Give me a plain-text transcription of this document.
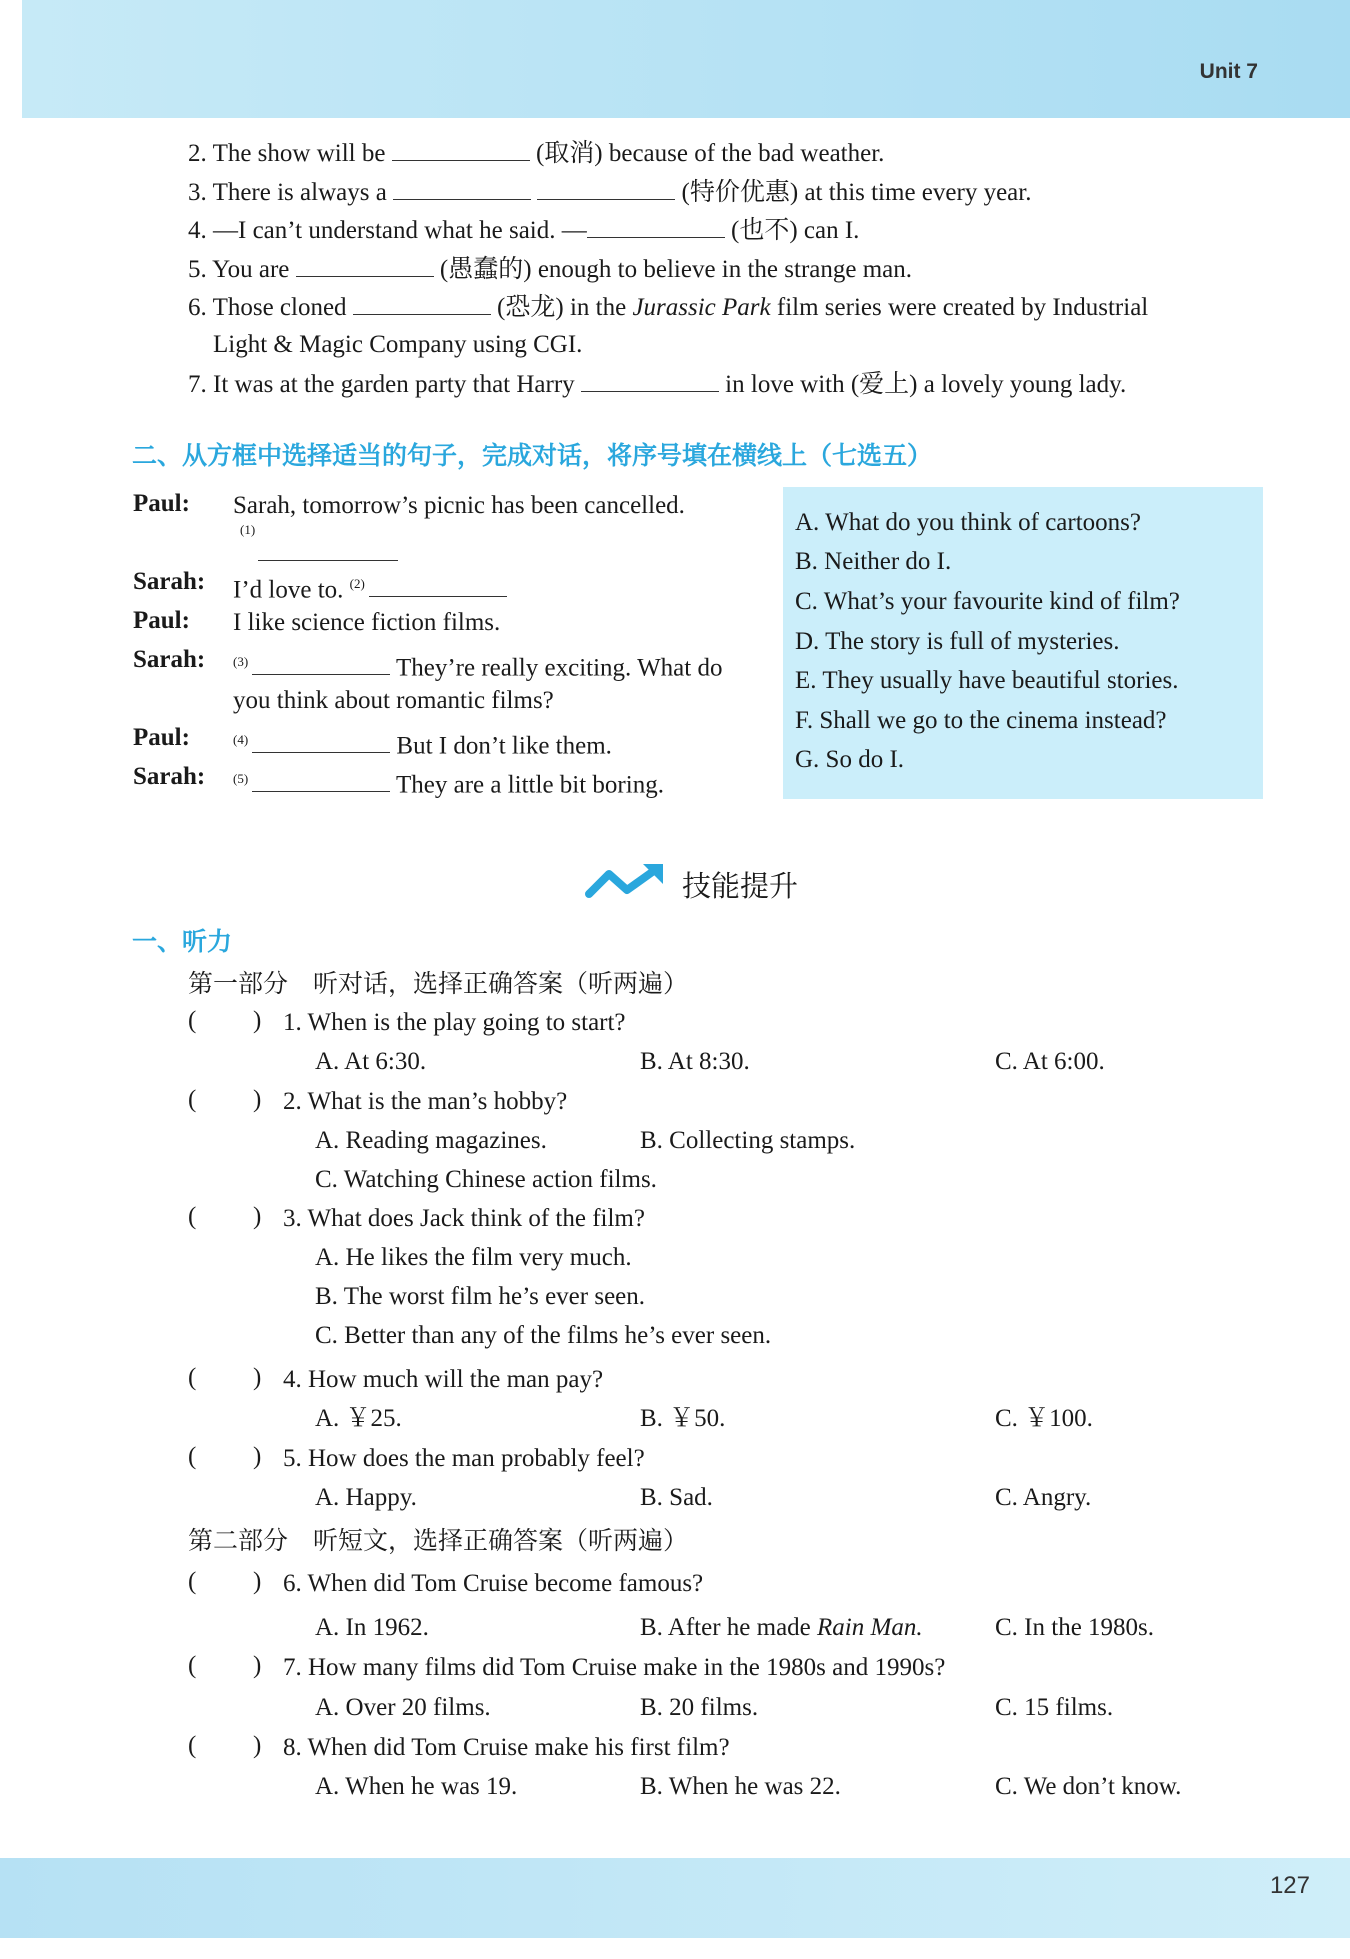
Unit 7
2. The show will be	(取消) because of the bad weather.
3. There is always a	(特价优惠) at this time every year.
4. —I can’t understand what he said. —	(也不) can I.
5. You are	(愚蠢的) enough to believe in the strange man.
6. Those cloned	(恐龙) in the Jurassic Park film series were created by Industrial
Light & Magic Company using CGI.
7. It was at the garden party that Harry	in love with (爱上) a lovely young lady.
二、从方框中选择适当的句子，完成对话，将序号填在横线上（七选五）
Paul: Sarah, tomorrow’s picnic has been cancelled.
(1)
Sarah: I’d love to. $^{(2)}$
Paul: I like science fiction films.
Sarah: $^{(3)}$	They’re really exciting. What do
you think about romantic films?
Paul:	$^{(4)}$	But I don’t like them.
Sarah: $^{(5)}$	They are a little bit boring.
A. What do you think of cartoons?
B. Neither do I.
C. What’s your favourite kind of film?
D. The story is full of mysteries.
E. They usually have beautiful stories.
F. Shall we go to the cinema instead?
G. So do I.
技能提升
一、听力
第一部分　听对话，选择正确答案（听两遍）
( ) 1. When is the play going to start?
A. At 6:30.	B. At 8:30.	C. At 6:00.
( ) 2. What is the man’s hobby?
A. Reading magazines.	B. Collecting stamps.
C. Watching Chinese action films.
( ) 3. What does Jack think of the film?
A. He likes the film very much.
B. The worst film he’s ever seen.
C. Better than any of the films he’s ever seen.
( ) 4. How much will the man pay?
A. ￥25.	B. ￥50.	C. ￥100.
( ) 5. How does the man probably feel?
A. Happy.	B. Sad.	C. Angry.
( ) 6. When did Tom Cruise become famous?
A. In 1962.	B. After he made Rain Man.	C. In the 1980s.
( ) 7. How many films did Tom Cruise make in the 1980s and 1990s?
A. Over 20 films.	B. 20 films.	C. 15 films.
( ) 8. When did Tom Cruise make his first film?
A. When he was 19.	B. When he was 22.	C. We don’t know.
第二部分　听短文，选择正确答案（听两遍）
127
